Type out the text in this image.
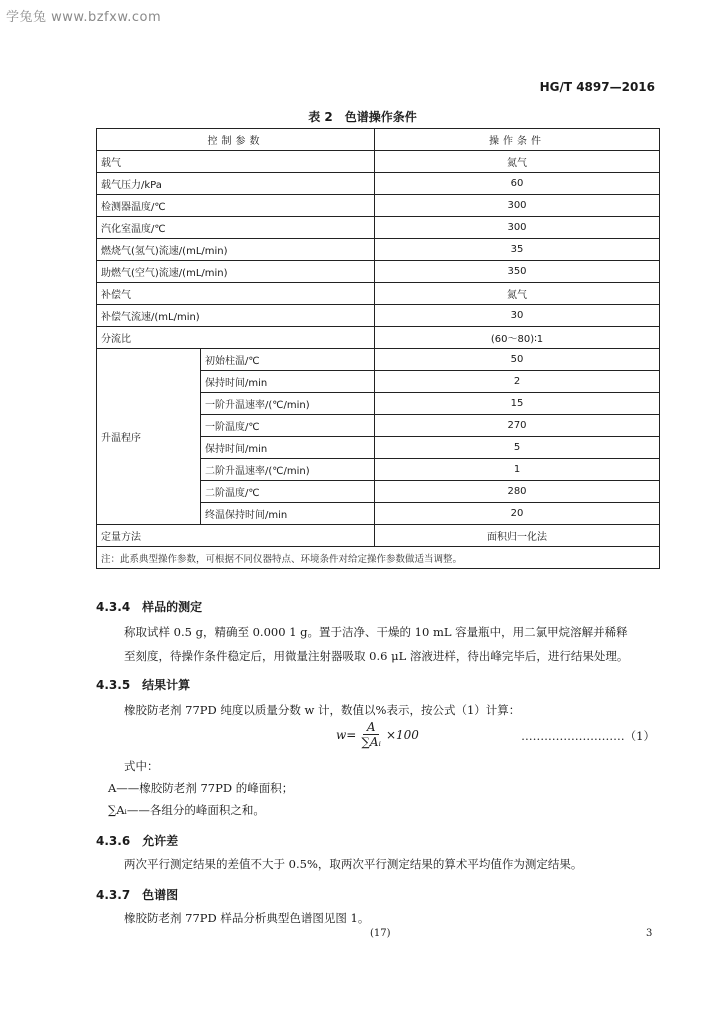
学兔兔 www.bzfxw.com
HG/T 4897—2016
表 2　色谱操作条件
控制参数		操作条件
载气		氮气
载气压力/kPa		60
检测器温度/℃		300
汽化室温度/℃		300
燃烧气(氢气)流速/(mL/min)		35
助燃气(空气)流速/(mL/min)		350
补偿气		氮气
补偿气流速/(mL/min)		30
分流比		(60～80)∶1
升温程序	初始柱温/℃	50
	保持时间/min	2
	一阶升温速率/(℃/min)	15
	一阶温度/℃	270
	保持时间/min	5
	二阶升温速率/(℃/min)	1
	二阶温度/℃	280
	终温保持时间/min	20
定量方法		面积归一化法
注：此系典型操作参数，可根据不同仪器特点、环境条件对给定操作参数做适当调整。		
4.3.4　样品的测定
称取试样 0.5 g，精确至 0.000 1 g。置于洁净、干燥的 10 mL 容量瓶中，用二氯甲烷溶解并稀释
至刻度，待操作条件稳定后，用微量注射器吸取 0.6 μL 溶液进样，待出峰完毕后，进行结果处理。
4.3.5　结果计算
橡胶防老剂 77PD 纯度以质量分数 w 计，数值以%表示，按公式（1）计算：
$w= \frac{A}{\text{∑Aᵢ}} \times 100$	………………………（1）
式中：
A——橡胶防老剂 77PD 的峰面积；
∑Aᵢ——各组分的峰面积之和。
4.3.6　允许差
两次平行测定结果的差值不大于 0.5%，取两次平行测定结果的算术平均值作为测定结果。
4.3.7　色谱图
橡胶防老剂 77PD 样品分析典型色谱图见图 1。
(17)	3
